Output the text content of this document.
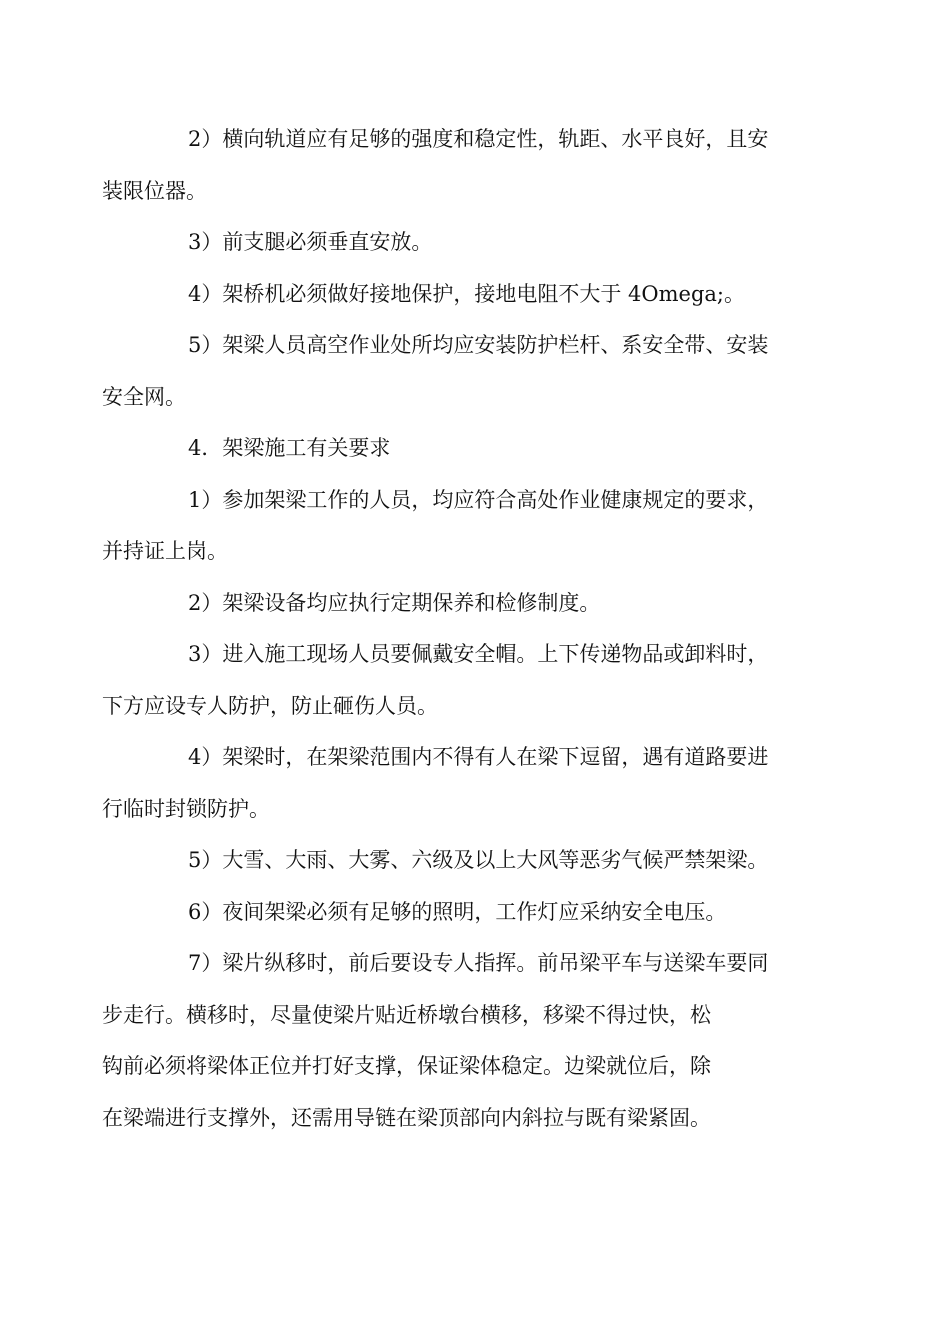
2）横向轨道应有足够的强度和稳定性，轨距、水平良好，且安
装限位器。

3）前支腿必须垂直安放。

4）架桥机必须做好接地保护，接地电阻不大于 4Omega;。

5）架梁人员高空作业处所均应安装防护栏杆、系安全带、安装
安全网。

4．架梁施工有关要求

1）参加架梁工作的人员，均应符合高处作业健康规定的要求，
并持证上岗。

2）架梁设备均应执行定期保养和检修制度。

3）进入施工现场人员要佩戴安全帽。上下传递物品或卸料时，
下方应设专人防护，防止砸伤人员。

4）架梁时，在架梁范围内不得有人在梁下逗留，遇有道路要进
行临时封锁防护。

5）大雪、大雨、大雾、六级及以上大风等恶劣气候严禁架梁。

6）夜间架梁必须有足够的照明，工作灯应采纳安全电压。

7）梁片纵移时，前后要设专人指挥。前吊梁平车与送梁车要同
步走行。横移时，尽量使梁片贴近桥墩台横移，移梁不得过快，松
钩前必须将梁体正位并打好支撑，保证梁体稳定。边梁就位后，除
在梁端进行支撑外，还需用导链在梁顶部向内斜拉与既有梁紧固。
